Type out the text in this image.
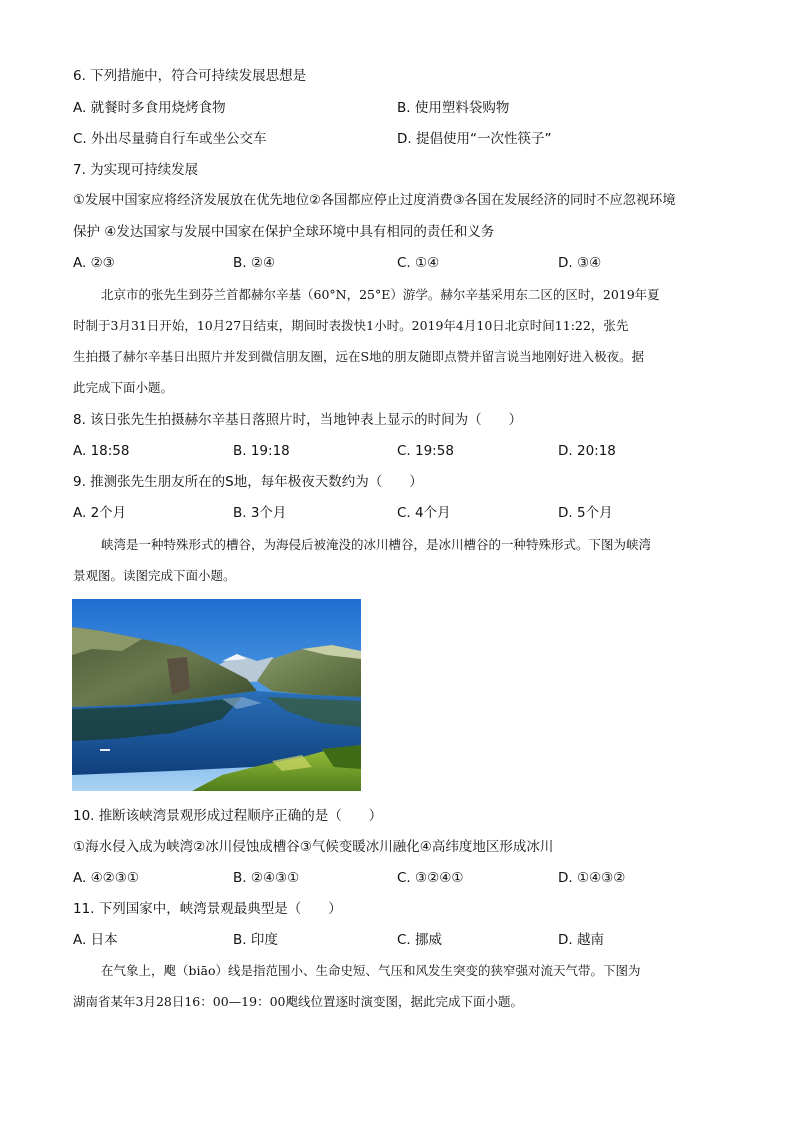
6. 下列措施中，符合可持续发展思想是
A. 就餐时多食用烧烤食物	B. 使用塑料袋购物
C. 外出尽量骑自行车或坐公交车	D. 提倡使用“一次性筷子”
7. 为实现可持续发展
①发展中国家应将经济发展放在优先地位②各国都应停止过度消费③各国在发展经济的同时不应忽视环境
保护 ④发达国家与发展中国家在保护全球环境中具有相同的责任和义务
A. ②③	B. ②④	C. ①④	D. ③④
北京市的张先生到芬兰首都赫尔辛基（60°N，25°E）游学。赫尔辛基采用东二区的区时，2019年夏
时制于3月31日开始，10月27日结束，期间时表拨快1小时。2019年4月10日北京时间11:22，张先
生拍摄了赫尔辛基日出照片并发到微信朋友圈，远在S地的朋友随即点赞并留言说当地刚好进入极夜。据
此完成下面小题。
8. 该日张先生拍摄赫尔辛基日落照片时，当地钟表上显示的时间为（　　）
A. 18:58	B. 19:18	C. 19:58	D. 20:18
9. 推测张先生朋友所在的S地，每年极夜天数约为（　　）
A. 2个月	B. 3个月	C. 4个月	D. 5个月
峡湾是一种特殊形式的槽谷，为海侵后被淹没的冰川槽谷，是冰川槽谷的一种特殊形式。下图为峡湾
景观图。读图完成下面小题。
10. 推断该峡湾景观形成过程顺序正确的是（　　）
①海水侵入成为峡湾②冰川侵蚀成槽谷③气候变暖冰川融化④高纬度地区形成冰川
A. ④②③①	B. ②④③①	C. ③②④①	D. ①④③②
11. 下列国家中，峡湾景观最典型是（　　）
A. 日本	B. 印度	C. 挪威	D. 越南
在气象上，飑（biāo）线是指范围小、生命史短、气压和风发生突变的狭窄强对流天气带。下图为
湖南省某年3月28日16：00—19：00飑线位置逐时演变图，据此完成下面小题。
